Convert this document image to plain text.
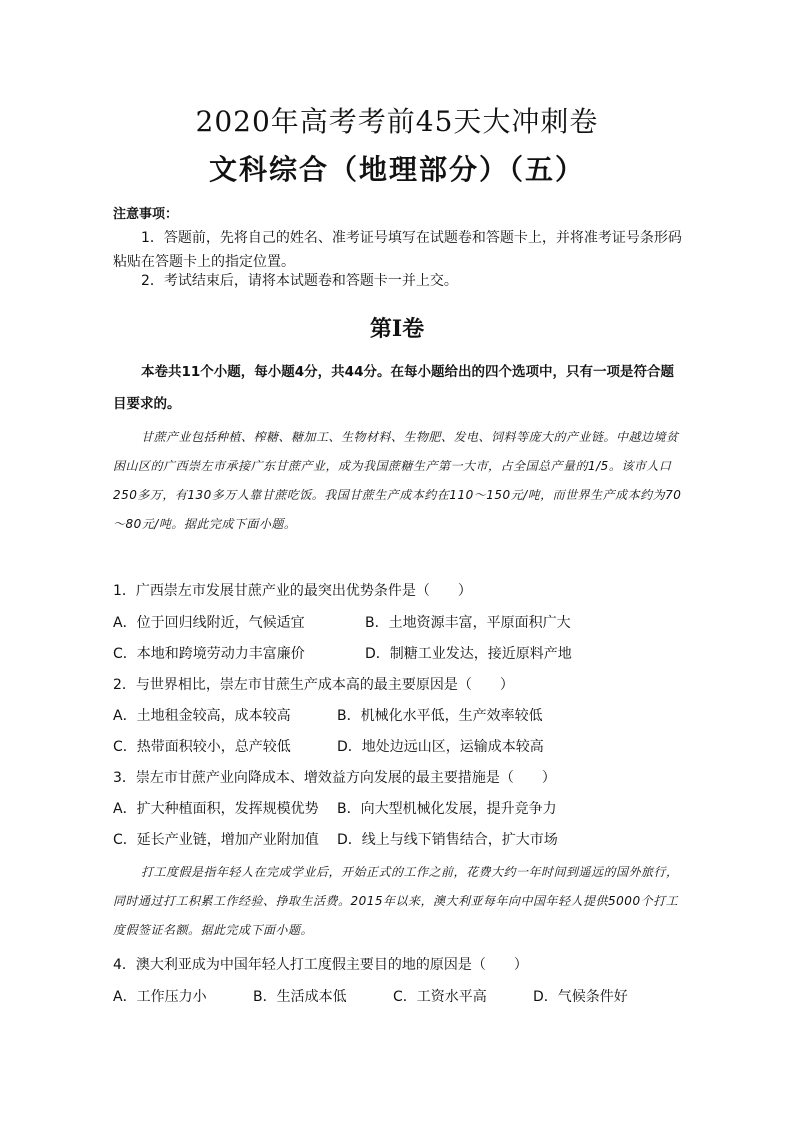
2020年高考考前45天大冲刺卷
文科综合（地理部分）（五）
注意事项：
1．答题前，先将自己的姓名、准考证号填写在试题卷和答题卡上，并将准考证号条形码粘贴在答题卡上的指定位置。
2．考试结束后，请将本试题卷和答题卡一并上交。
第Ⅰ卷
本卷共11个小题，每小题4分，共44分。在每小题给出的四个选项中，只有一项是符合题目要求的。
甘蔗产业包括种植、榨糖、糖加工、生物材料、生物肥、发电、饲料等庞大的产业链。中越边境贫困山区的广西崇左市承接广东甘蔗产业，成为我国蔗糖生产第一大市，占全国总产量的1/5。该市人口250多万，有130多万人靠甘蔗吃饭。我国甘蔗生产成本约在110～150元/吨，而世界生产成本约为70～80元/吨。据此完成下面小题。
1．广西崇左市发展甘蔗产业的最突出优势条件是（　　）
A．位于回归线附近，气候适宜	B．土地资源丰富，平原面积广大
C．本地和跨境劳动力丰富廉价	D．制糖工业发达，接近原料产地
2．与世界相比，崇左市甘蔗生产成本高的最主要原因是（　　）
A．土地租金较高，成本较高	B．机械化水平低，生产效率较低
C．热带面积较小，总产较低	D．地处边远山区，运输成本较高
3．崇左市甘蔗产业向降成本、增效益方向发展的最主要措施是（　　）
A．扩大种植面积，发挥规模优势 B．向大型机械化发展，提升竞争力
C．延长产业链，增加产业附加值 D．线上与线下销售结合，扩大市场
打工度假是指年轻人在完成学业后，开始正式的工作之前，花费大约一年时间到遥远的国外旅行，同时通过打工积累工作经验、挣取生活费。2015年以来，澳大利亚每年向中国年轻人提供5000个打工度假签证名额。据此完成下面小题。
4．澳大利亚成为中国年轻人打工度假主要目的地的原因是（　　）
A．工作压力小	B．生活成本低	C．工资水平高	D．气候条件好
